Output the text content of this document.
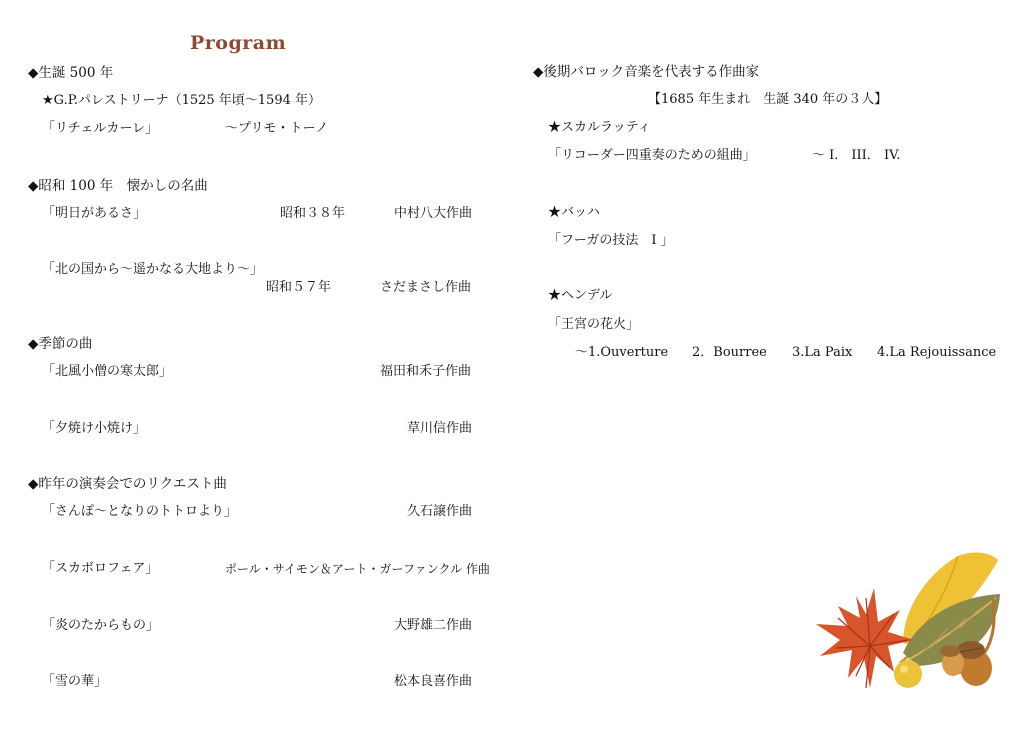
Program
◆生誕 500 年
★G.P.パレストリーナ（1525 年頃〜1594 年）
「リチェルカーレ」	〜プリモ・トーノ
◆昭和 100 年　懐かしの名曲
「明日があるさ」	昭和３８年	中村八大作曲
「北の国から〜遥かなる大地より〜」
昭和５７年	さだまさし作曲
◆季節の曲
「北風小僧の寒太郎」	福田和禾子作曲
「夕焼け小焼け」	草川信作曲
◆昨年の演奏会でのリクエスト曲
「さんぽ〜となりのトトロより」	久石譲作曲
「スカボロフェア」	ポール・サイモン＆アート・ガーファンクル 作曲
「炎のたからもの」	大野雄二作曲
「雪の華」	松本良喜作曲
◆後期バロック音楽を代表する作曲家
【1685 年生まれ　生誕 340 年の３人】
★スカルラッティ
「リコーダー四重奏のための組曲」	〜 I． III． IV.
★バッハ
「フーガの技法　I 」
★ヘンデル
「王宮の花火」
〜1.Ouverture 2．Bourree 3.La Paix 4.La Rejouissance
